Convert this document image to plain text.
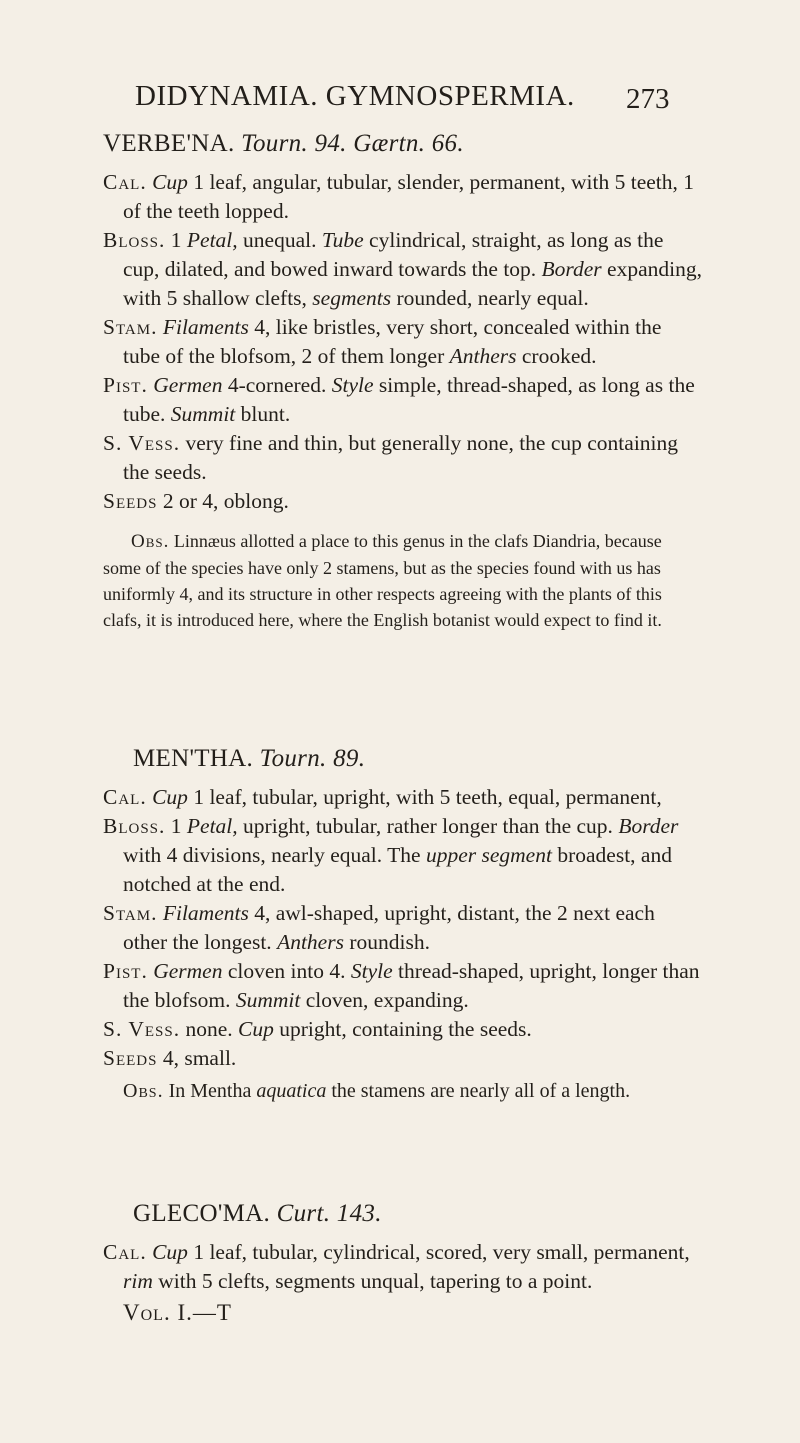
DIDYNAMIA. GYMNOSPERMIA.	273
VERBE'NA. Tourn. 94. Gærtn. 66.

Cal. Cup 1 leaf, angular, tubular, slender, permanent, with 5 teeth, 1 of the teeth lopped.

Bloss. 1 Petal, unequal. Tube cylindrical, straight, as long as the cup, dilated, and bowed inward towards the top. Border expanding, with 5 shallow clefts, segments rounded, nearly equal.

Stam. Filaments 4, like bristles, very short, concealed within the tube of the blofsom, 2 of them longer Anthers crooked.

Pist. Germen 4-cornered. Style simple, thread-shaped, as long as the tube. Summit blunt.

S. Vess. very fine and thin, but generally none, the cup containing the seeds.

Seeds 2 or 4, oblong.

Obs. Linnæus allotted a place to this genus in the clafs Diandria, because some of the species have only 2 stamens, but as the species found with us has uniformly 4, and its structure in other respects agreeing with the plants of this clafs, it is introduced here, where the English botanist would expect to find it.

MEN'THA. Tourn. 89.

Cal. Cup 1 leaf, tubular, upright, with 5 teeth, equal, permanent,

Bloss. 1 Petal, upright, tubular, rather longer than the cup. Border with 4 divisions, nearly equal. The upper segment broadest, and notched at the end.

Stam. Filaments 4, awl-shaped, upright, distant, the 2 next each other the longest. Anthers roundish.

Pist. Germen cloven into 4. Style thread-shaped, upright, longer than the blofsom. Summit cloven, expanding.

S. Vess. none. Cup upright, containing the seeds.

Seeds 4, small.

Obs. In Mentha aquatica the stamens are nearly all of a length.

GLECO'MA. Curt. 143.

Cal. Cup 1 leaf, tubular, cylindrical, scored, very small, permanent, rim with 5 clefts, segments unqual, tapering to a point.

Vol. I.—T
